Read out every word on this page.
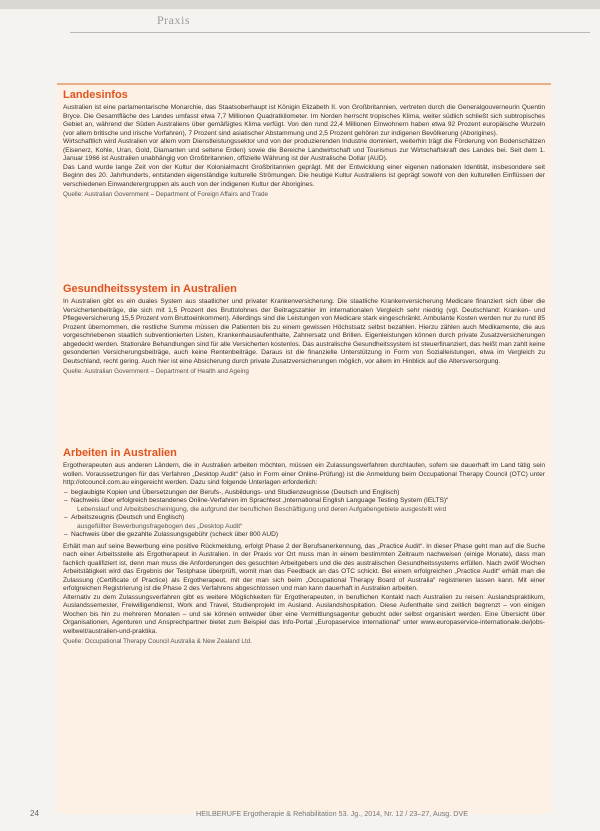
Praxis
Landesinfos

Australien ist eine parlamentarische Monarchie, das Staatsoberhaupt ist Königin Elizabeth II. von Großbritannien, vertreten durch die Generalgouverneurin Quentin Bryce. Die Gesamtfläche des Landes umfasst etwa 7,7 Millionen Quadratkilometer. Im Norden herrscht tropisches Klima, weiter südlich schließt sich subtropisches Gebiet an, während der Süden Australiens über gemäßigtes Klima verfügt. Von den rund 22,4 Millionen Einwohnern haben etwa 92 Prozent europäische Wurzeln (vor allem britische und irische Vorfahren), 7 Prozent sind asiatischer Abstammung und 2,5 Prozent gehören zur indigenen Bevölkerung (Aborigines).

Wirtschaftlich wird Australien vor allem vom Dienstleistungssektor und von der produzierenden Industrie dominiert, weiterhin trägt die Förderung von Bodenschätzen (Eisenerz, Kohle, Uran, Gold, Diamanten und seltene Erden) sowie die Bereiche Landwirtschaft und Tourismus zur Wirtschaftskraft des Landes bei. Seit dem 1. Januar 1966 ist Australien unabhängig von Großbritannien, offizielle Währung ist der Australische Dollar (AUD).

Das Land wurde lange Zeit von der Kultur der Kolonialmacht Großbritannien geprägt. Mit der Entwicklung einer eigenen nationalen Identität, insbesondere seit Beginn des 20. Jahrhunderts, entstanden eigenständige kulturelle Strömungen. Die heutige Kultur Australiens ist geprägt sowohl von den kulturellen Einflüssen der verschiedenen Einwanderergruppen als auch von der indigenen Kultur der Aborigines.

Quelle: Australian Government – Department of Foreign Affairs and Trade

Gesundheitssystem in Australien

In Australien gibt es ein duales System aus staatlicher und privater Krankenversicherung. Die staatliche Krankenversicherung Medicare finanziert sich über die Versichertenbeiträge, die sich mit 1,5 Prozent des Bruttolohnes der Beitragszahler im internationalen Vergleich sehr niedrig (vgl. Deutschland: Kranken- und Pflegeversicherung 15,5 Prozent vom Bruttoeinkommen). Allerdings sind die Leistungen von Medicare stark eingeschränkt. Ambulante Kosten werden nur zu rund 85 Prozent übernommen, die restliche Summe müssen die Patienten bis zu einem gewissen Höchstsatz selbst bezahlen. Hierzu zählen auch Medikamente, die aus vorgeschriebenen staatlich subventionierten Listen, Krankenhausaufenthalte, Zahnersatz und Brillen. Eigenleistungen können durch private Zusatzversicherungen abgedeckt werden. Stationäre Behandlungen sind für alle Versicherten kostenlos. Das australische Gesundheitssystem ist steuerfinanziert, das heißt man zahlt keine gesonderten Versicherungsbeiträge, auch keine Rentenbeiträge. Daraus ist die finanzielle Unterstützung in Form von Sozialleistungen, etwa im Vergleich zu Deutschland, recht gering. Auch hier ist eine Absicherung durch private Zusatzversicherungen möglich, vor allem im Hinblick auf die Altersversorgung.

Quelle: Australian Government – Department of Health and Ageing

Arbeiten in Australien

Ergotherapeuten aus anderen Ländern, die in Australien arbeiten möchten, müssen ein Zulassungsverfahren durchlaufen, sofern sie dauerhaft im Land tätig sein wollen. Voraussetzungen für das Verfahren „Desktop Audit“ (also in Form einer Online-Prüfung) ist die Anmeldung beim Occupational Therapy Council (OTC) unter http://otcouncil.com.au eingereicht werden. Dazu sind folgende Unterlagen erforderlich:

– beglaubigte Kopien und Übersetzungen der Berufs-, Ausbildungs- und Studienzeugnisse (Deutsch und Englisch)
– Nachweis über erfolgreich bestandenes Online-Verfahren im Sprachtest „International English Language Testing System (IELTS)“
Lebenslauf und Arbeitsbescheinigung, die aufgrund der beruflichen Beschäftigung und deren Aufgabengebiete ausgestellt wird
– Arbeitszeugnis (Deutsch und Englisch)
ausgefüllter Bewerbungsfragebogen des „Desktop Audit“
– Nachweis über die gezahlte Zulassungsgebühr (scheck über 800 AUD)

Erhält man auf seine Bewerbung eine positive Rückmeldung, erfolgt Phase 2 der Berufsanerkennung, das „Practice Audit“. In dieser Phase geht man auf die Suche nach einer Arbeitsstelle als Ergotherapeut in Australien. In der Praxis vor Ort muss man in einem bestimmten Zeitraum nachweisen (einige Monate), dass man fachlich qualifiziert ist, denn man muss die Anforderungen des gesuchten Arbeitgebers und die des australischen Gesundheitssystems erfüllen. Nach zwölf Wochen Arbeitstätigkeit wird das Ergebnis der Testphase überprüft, womit man das Feedback an das OTC schickt. Bei einem erfolgreichen „Practice Audit“ erhält man die Zulassung (Certificate of Practice) als Ergotherapeut, mit der man sich beim „Occupational Therapy Board of Australia“ registrieren lassen kann. Mit einer erfolgreichen Registrierung ist die Phase 2 des Verfahrens abgeschlossen und man kann dauerhaft in Australien arbeiten.

Alternativ zu dem Zulassungsverfahren gibt es weitere Möglichkeiten für Ergotherapeuten, in beruflichen Kontakt nach Australien zu reisen: Auslandspraktikum, Auslandssemester, Freiwilligendienst, Work and Travel, Studienprojekt im Ausland. Auslandshospitation. Diese Aufenthalte sind zeitlich begrenzt – von einigen Wochen bis hin zu mehreren Monaten – und sie können entweder über eine Vermittlungsagentur gebucht oder selbst organisiert werden. Eine Übersicht über Organisationen, Agenturen und Ansprechpartner bietet zum Beispiel das Info-Portal „Europaservice international“ unter www.europaservice-internationale.de/jobs-weltweit/australien-und-praktika.

Quelle: Occupational Therapy Council Australia & New Zealand Ltd.

24	HEILBERUFE Ergotherapie & Rehabilitation 53. Jg., 2014, Nr. 12 / 23–27, Ausg. DVE
